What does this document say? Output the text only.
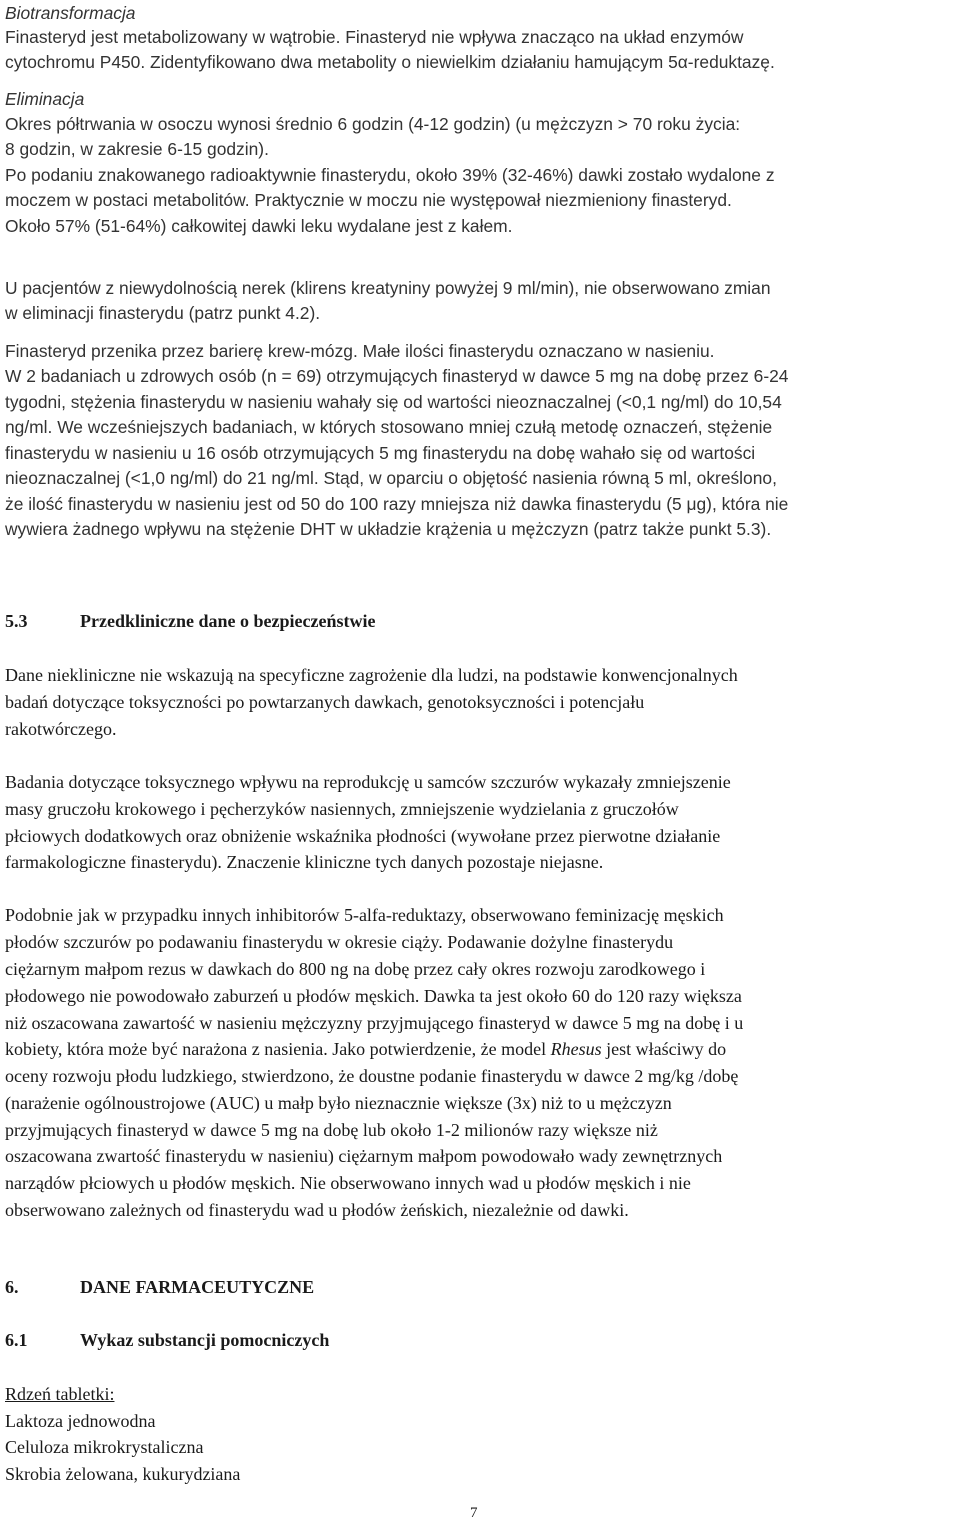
Biotransformacja
Finasteryd jest metabolizowany w wątrobie. Finasteryd nie wpływa znacząco na układ enzymów
cytochromu P450. Zidentyfikowano dwa metabolity o niewielkim działaniu hamującym 5α-reduktazę.
Eliminacja
Okres półtrwania w osoczu wynosi średnio 6 godzin (4-12 godzin) (u mężczyzn > 70 roku życia:
8 godzin, w zakresie 6-15 godzin).
Po podaniu znakowanego radioaktywnie finasterydu, około 39% (32-46%) dawki zostało wydalone z
moczem w postaci metabolitów. Praktycznie w moczu nie występował niezmieniony finasteryd.
Około 57% (51-64%) całkowitej dawki leku wydalane jest z kałem.
U pacjentów z niewydolnością nerek (klirens kreatyniny powyżej 9 ml/min), nie obserwowano zmian
w eliminacji finasterydu (patrz punkt 4.2).
Finasteryd przenika przez barierę krew-mózg. Małe ilości finasterydu oznaczano w nasieniu.
W 2 badaniach u zdrowych osób (n = 69) otrzymujących finasteryd w dawce 5 mg na dobę przez 6-24
tygodni, stężenia finasterydu w nasieniu wahały się od wartości nieoznaczalnej (<0,1 ng/ml) do 10,54
ng/ml. We wcześniejszych badaniach, w których stosowano mniej czułą metodę oznaczeń, stężenie
finasterydu w nasieniu u 16 osób otrzymujących 5 mg finasterydu na dobę wahało się od wartości
nieoznaczalnej (<1,0 ng/ml) do 21 ng/ml. Stąd, w oparciu o objętość nasienia równą 5 ml, określono,
że ilość finasterydu w nasieniu jest od 50 do 100 razy mniejsza niż dawka finasterydu (5 μg), która nie
wywiera żadnego wpływu na stężenie DHT w układzie krążenia u mężczyzn (patrz także punkt 5.3).
5.3	Przedkliniczne dane o bezpieczeństwie
Dane niekliniczne nie wskazują na specyficzne zagrożenie dla ludzi, na podstawie konwencjonalnych
badań dotyczące toksyczności po powtarzanych dawkach, genotoksyczności i potencjału
rakotwórczego.
Badania dotyczące toksycznego wpływu na reprodukcję u samców szczurów wykazały zmniejszenie
masy gruczołu krokowego i pęcherzyków nasiennych, zmniejszenie wydzielania z gruczołów
płciowych dodatkowych oraz obniżenie wskaźnika płodności (wywołane przez pierwotne działanie
farmakologiczne finasterydu). Znaczenie kliniczne tych danych pozostaje niejasne.
Podobnie jak w przypadku innych inhibitorów 5-alfa-reduktazy, obserwowano feminizację męskich
płodów szczurów po podawaniu finasterydu w okresie ciąży. Podawanie dożylne finasterydu
ciężarnym małpom rezus w dawkach do 800 ng na dobę przez cały okres rozwoju zarodkowego i
płodowego nie powodowało zaburzeń u płodów męskich. Dawka ta jest około 60 do 120 razy większa
niż oszacowana zawartość w nasieniu mężczyzny przyjmującego finasteryd w dawce 5 mg na dobę i u
kobiety, która może być narażona z nasienia. Jako potwierdzenie, że model Rhesus jest właściwy do
oceny rozwoju płodu ludzkiego, stwierdzono, że doustne podanie finasterydu w dawce 2 mg/kg /dobę
(narażenie ogólnoustrojowe (AUC) u małp było nieznacznie większe (3x) niż to u mężczyzn
przyjmujących finasteryd w dawce 5 mg na dobę lub około 1-2 milionów razy większe niż
oszacowana zwartość finasterydu w nasieniu) ciężarnym małpom powodowało wady zewnętrznych
narządów płciowych u płodów męskich. Nie obserwowano innych wad u płodów męskich i nie
obserwowano zależnych od finasterydu wad u płodów żeńskich, niezależnie od dawki.
6.	DANE FARMACEUTYCZNE
6.1	Wykaz substancji pomocniczych
Rdzeń tabletki:
Laktoza jednowodna
Celuloza mikrokrystaliczna
Skrobia żelowana, kukurydziana
7
